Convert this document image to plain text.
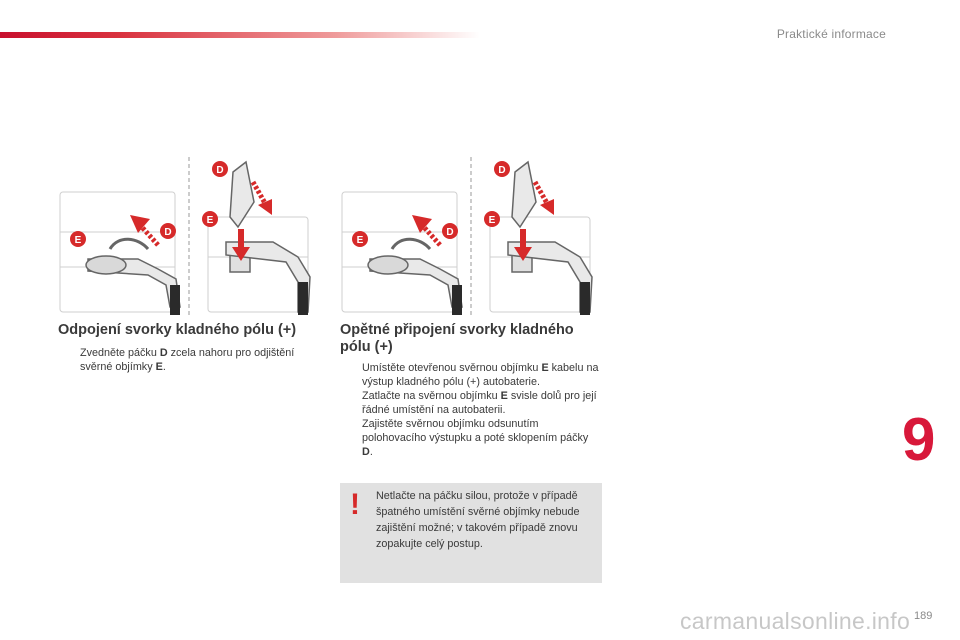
Praktické informace
E
D
D
E
E
D
D
E
Odpojení svorky kladného pólu (+)
Zvedněte páčku D zcela nahoru pro odjištění svěrné objímky E.
Opětné připojení svorky kladného pólu (+)
Umístěte otevřenou svěrnou objímku E kabelu na výstup kladného pólu (+) autobaterie.
Zatlačte na svěrnou objímku E svisle dolů pro její řádné umístění na autobaterii.
Zajistěte svěrnou objímku odsunutím polohovacího výstupku a poté sklopením páčky D.
! Netlačte na páčku silou, protože v případě špatného umístění svěrné objímky nebude zajištění možné; v takovém případě znovu zopakujte celý postup.
9
189
carmanualsonline.info
